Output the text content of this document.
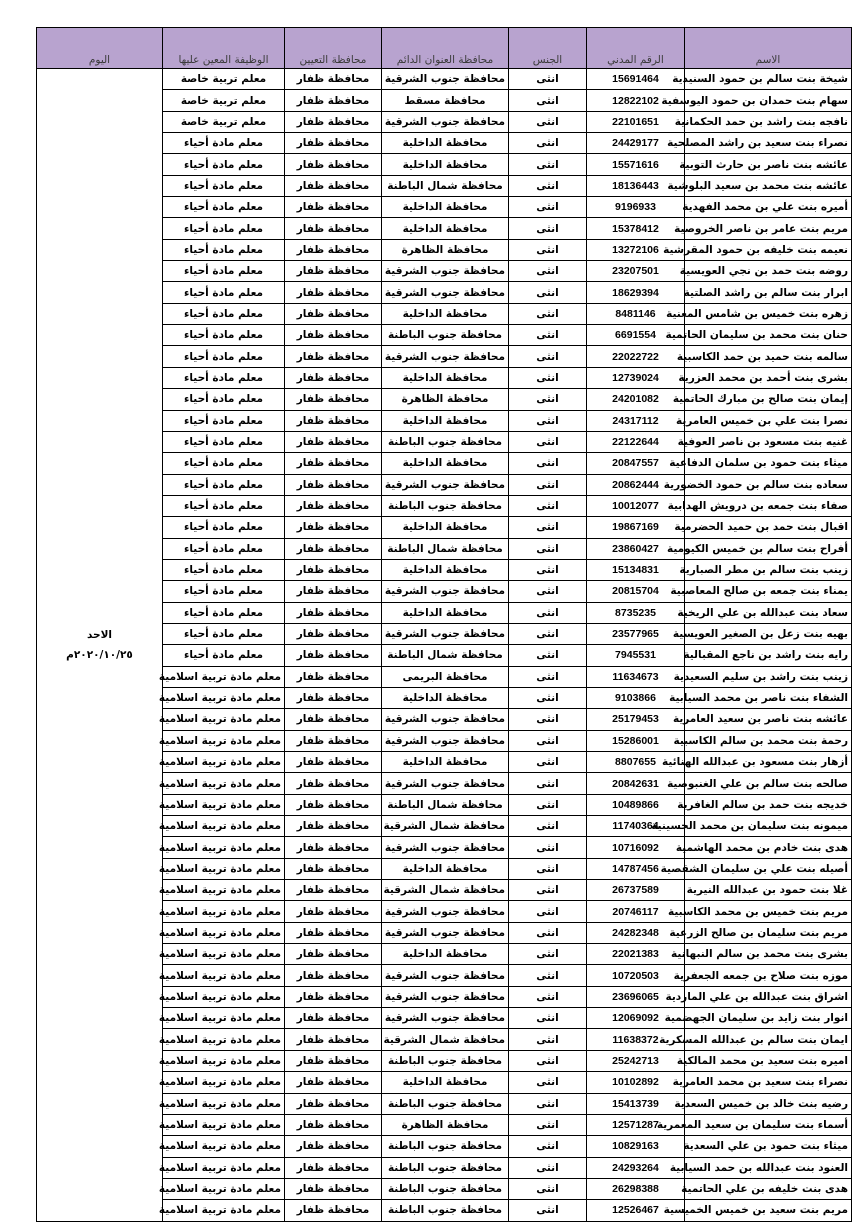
الاسم	الرقم المدني	الجنس	محافظة العنوان الدائم	محافظة التعيين	الوظيفة المعين عليها	اليوم
شيخة بنت سالم بن حمود السنيدية	15691464	انثى	محافظة جنوب الشرقية	محافظة ظفار	معلم تربية خاصة	الاحد
٢٠٢٠/١٠/٢٥م

سهام بنت حمدان بن حمود اليوسفية	12822102	انثى	محافظة مسقط	محافظة ظفار	معلم تربية خاصة	
نافجه بنت راشد بن حمد الحكمانية	22101651	انثى	محافظة جنوب الشرقية	محافظة ظفار	معلم تربية خاصة	
نصراء بنت سعيد بن راشد المصلحية	24429177	انثى	محافظة الداخلية	محافظة ظفار	معلم مادة أحياء	
عائشه بنت ناصر بن حارث التوبية	15571616	انثى	محافظة الداخلية	محافظة ظفار	معلم مادة أحياء	
عائشه بنت محمد بن سعيد البلوشية	18136443	انثى	محافظة شمال الباطنة	محافظة ظفار	معلم مادة أحياء	
أميره بنت علي بن محمد الفهدية	9196933	انثى	محافظة الداخلية	محافظة ظفار	معلم مادة أحياء	
مريم بنت عامر بن ناصر الخروصية	15378412	انثى	محافظة الداخلية	محافظة ظفار	معلم مادة أحياء	
نعيمه بنت خليفه بن حمود المقرشية	13272106	انثى	محافظة الظاهرة	محافظة ظفار	معلم مادة أحياء	
روضه بنت حمد بن نجي العويسية	23207501	انثى	محافظة جنوب الشرقية	محافظة ظفار	معلم مادة أحياء	
ابرار بنت سالم بن راشد الصلتية	18629394	انثى	محافظة جنوب الشرقية	محافظة ظفار	معلم مادة أحياء	
زهره بنت خميس بن شامس المعنية	8481146	انثى	محافظة الداخلية	محافظة ظفار	معلم مادة أحياء	
حنان بنت محمد بن سليمان الحاتمية	6691554	انثى	محافظة جنوب الباطنة	محافظة ظفار	معلم مادة أحياء	
سالمه بنت حميد بن حمد الكاسبية	22022722	انثى	محافظة جنوب الشرقية	محافظة ظفار	معلم مادة أحياء	
بشرى بنت أحمد بن محمد العزرية	12739024	انثى	محافظة الداخلية	محافظة ظفار	معلم مادة أحياء	
إيمان بنت صالح بن مبارك الحاتمية	24201082	انثى	محافظة الظاهرة	محافظة ظفار	معلم مادة أحياء	
نصرا بنت علي بن خميس العامرية	24317112	انثى	محافظة الداخلية	محافظة ظفار	معلم مادة أحياء	
غنيه بنت مسعود بن ناصر العوفية	22122644	انثى	محافظة جنوب الباطنة	محافظة ظفار	معلم مادة أحياء	
ميثاء بنت حمود بن سلمان الدفاعية	20847557	انثى	محافظة الداخلية	محافظة ظفار	معلم مادة أحياء	
سعاده بنت سالم بن حمود الخضورية	20862444	انثى	محافظة جنوب الشرقية	محافظة ظفار	معلم مادة أحياء	
صفاء بنت جمعه بن درويش الهدابية	10012077	انثى	محافظة جنوب الباطنة	محافظة ظفار	معلم مادة أحياء	
اقبال بنت حمد بن حميد الحضرمية	19867169	انثى	محافظة الداخلية	محافظة ظفار	معلم مادة أحياء	
أفراح بنت سالم بن خميس الكيومية	23860427	انثى	محافظة شمال الباطنة	محافظة ظفار	معلم مادة أحياء	
زينب بنت سالم بن مطر الصبارية	15134831	انثى	محافظة الداخلية	محافظة ظفار	معلم مادة أحياء	
يمناء بنت جمعه بن صالح المعاصبية	20815704	انثى	محافظة جنوب الشرقية	محافظة ظفار	معلم مادة أحياء	
سعاد بنت عبدالله بن علي الريخية	8735235	انثى	محافظة الداخلية	محافظة ظفار	معلم مادة أحياء	
بهيه بنت زعل بن الصغير العويسية	23577965	انثى	محافظة جنوب الشرقية	محافظة ظفار	معلم مادة أحياء	
رايه بنت راشد بن ناجع المقبالية	7945531	انثى	محافظة شمال الباطنة	محافظة ظفار	معلم مادة أحياء	
زينب بنت راشد بن سليم السعيدية	11634673	انثى	محافظة البريمى	محافظة ظفار	معلم مادة تربية اسلامية	
الشفاء بنت ناصر بن محمد السيابية	9103866	انثى	محافظة الداخلية	محافظة ظفار	معلم مادة تربية اسلامية	
عائشه بنت ناصر بن سعيد العامرية	25179453	انثى	محافظة جنوب الشرقية	محافظة ظفار	معلم مادة تربية اسلامية	
رحمة بنت محمد بن سالم الكاسبية	15286001	انثى	محافظة جنوب الشرقية	محافظة ظفار	معلم مادة تربية اسلامية	
أزهار بنت مسعود بن عبدالله الهنائية	8807655	انثى	محافظة الداخلية	محافظة ظفار	معلم مادة تربية اسلامية	
صالحه بنت سالم بن علي الغنبوصية	20842631	انثى	محافظة جنوب الشرقية	محافظة ظفار	معلم مادة تربية اسلامية	
خديجه بنت حمد بن سالم الغافرية	10489866	انثى	محافظة شمال الباطنة	محافظة ظفار	معلم مادة تربية اسلامية	
ميمونه بنت سليمان بن محمد الحسينية	11740364	انثى	محافظة شمال الشرقية	محافظة ظفار	معلم مادة تربية اسلامية	
هدى بنت خادم بن محمد الهاشمية	10716092	انثى	محافظة جنوب الشرقية	محافظة ظفار	معلم مادة تربية اسلامية	
أصيله بنت علي بن سليمان الشقصية	14787456	انثى	محافظة الداخلية	محافظة ظفار	معلم مادة تربية اسلامية	
غلا بنت حمود بن عبدالله النيرية	26737589	انثى	محافظة شمال الشرقية	محافظة ظفار	معلم مادة تربية اسلامية	
مريم بنت خميس بن محمد الكاسبية	20746117	انثى	محافظة جنوب الشرقية	محافظة ظفار	معلم مادة تربية اسلامية	
مريم بنت سليمان بن صالح الزرعية	24282348	انثى	محافظة جنوب الشرقية	محافظة ظفار	معلم مادة تربية اسلامية	
بشرى بنت محمد بن سالم النبهانية	22021383	انثى	محافظة الداخلية	محافظة ظفار	معلم مادة تربية اسلامية	
موزه بنت صلاح بن جمعه الجعفرية	10720503	انثى	محافظة جنوب الشرقية	محافظة ظفار	معلم مادة تربية اسلامية	
اشراق بنت عبدالله بن علي الماردية	23696065	انثى	محافظة جنوب الشرقية	محافظة ظفار	معلم مادة تربية اسلامية	
انوار بنت زايد بن سليمان الجهضمية	12069092	انثى	محافظة جنوب الشرقية	محافظة ظفار	معلم مادة تربية اسلامية	
ايمان بنت سالم بن عبدالله المسكرية	11638372	انثى	محافظة شمال الشرقية	محافظة ظفار	معلم مادة تربية اسلامية	
اميره بنت سعيد بن محمد المالكية	25242713	انثى	محافظة جنوب الباطنة	محافظة ظفار	معلم مادة تربية اسلامية	
نصراء بنت سعيد بن محمد العامرية	10102892	انثى	محافظة الداخلية	محافظة ظفار	معلم مادة تربية اسلامية	
رضيه بنت خالد بن خميس السعدية	15413739	انثى	محافظة جنوب الباطنة	محافظة ظفار	معلم مادة تربية اسلامية	
أسماء بنت سليمان بن سعيد المعمرية	12571287	انثى	محافظة الظاهرة	محافظة ظفار	معلم مادة تربية اسلامية	
ميثاء بنت حمود بن علي السعدية	10829163	انثى	محافظة جنوب الباطنة	محافظة ظفار	معلم مادة تربية اسلامية	
العنود بنت عبدالله بن حمد السيابية	24293264	انثى	محافظة جنوب الباطنة	محافظة ظفار	معلم مادة تربية اسلامية	
هدى بنت خليفه بن علي الحاتمية	26298388	انثى	محافظة جنوب الباطنة	محافظة ظفار	معلم مادة تربية اسلامية	
مريم بنت سعيد بن خميس الخميسية	12526467	انثى	محافظة جنوب الباطنة	محافظة ظفار	معلم مادة تربية اسلامية	
